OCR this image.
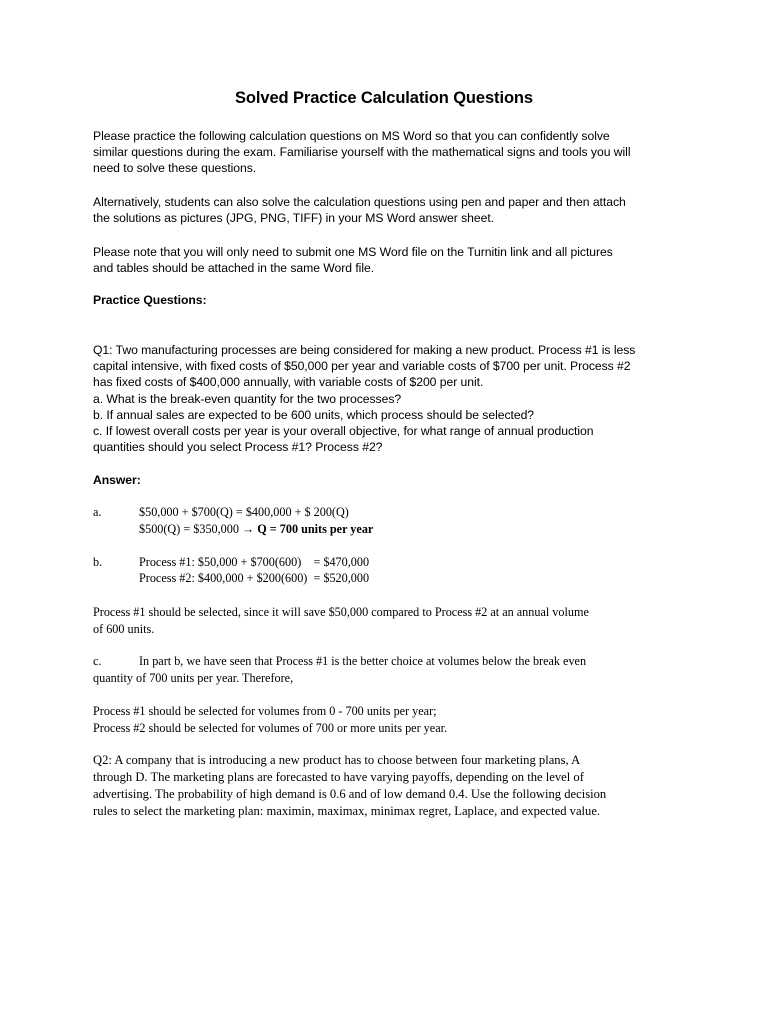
Solved Practice Calculation Questions
Please practice the following calculation questions on MS Word so that you can confidently solve
similar questions during the exam. Familiarise yourself with the mathematical signs and tools you will
need to solve these questions.
Alternatively, students can also solve the calculation questions using pen and paper and then attach
the solutions as pictures (JPG, PNG, TIFF) in your MS Word answer sheet.
Please note that you will only need to submit one MS Word file on the Turnitin link and all pictures
and tables should be attached in the same Word file.
Practice Questions:
Q1: Two manufacturing processes are being considered for making a new product. Process #1 is less
capital intensive, with fixed costs of $50,000 per year and variable costs of $700 per unit. Process #2
has fixed costs of $400,000 annually, with variable costs of $200 per unit.
a. What is the break-even quantity for the two processes?
b. If annual sales are expected to be 600 units, which process should be selected?
c. If lowest overall costs per year is your overall objective, for what range of annual production
quantities should you select Process #1? Process #2?
Answer:
a.	$50,000 + $700(Q) = $400,000 + $ 200(Q)
$500(Q) = $350,000 → Q = 700 units per year
b.	Process #1: $50,000 + $700(600)    = $470,000
Process #2: $400,000 + $200(600)  = $520,000
Process #1 should be selected, since it will save $50,000 compared to Process #2 at an annual volume
of 600 units.
c.	In part b, we have seen that Process #1 is the better choice at volumes below the break even
quantity of 700 units per year. Therefore,
Process #1 should be selected for volumes from 0 - 700 units per year;
Process #2 should be selected for volumes of 700 or more units per year.
Q2: A company that is introducing a new product has to choose between four marketing plans, A
through D. The marketing plans are forecasted to have varying payoffs, depending on the level of
advertising. The probability of high demand is 0.6 and of low demand 0.4. Use the following decision
rules to select the marketing plan: maximin, maximax, minimax regret, Laplace, and expected value.
